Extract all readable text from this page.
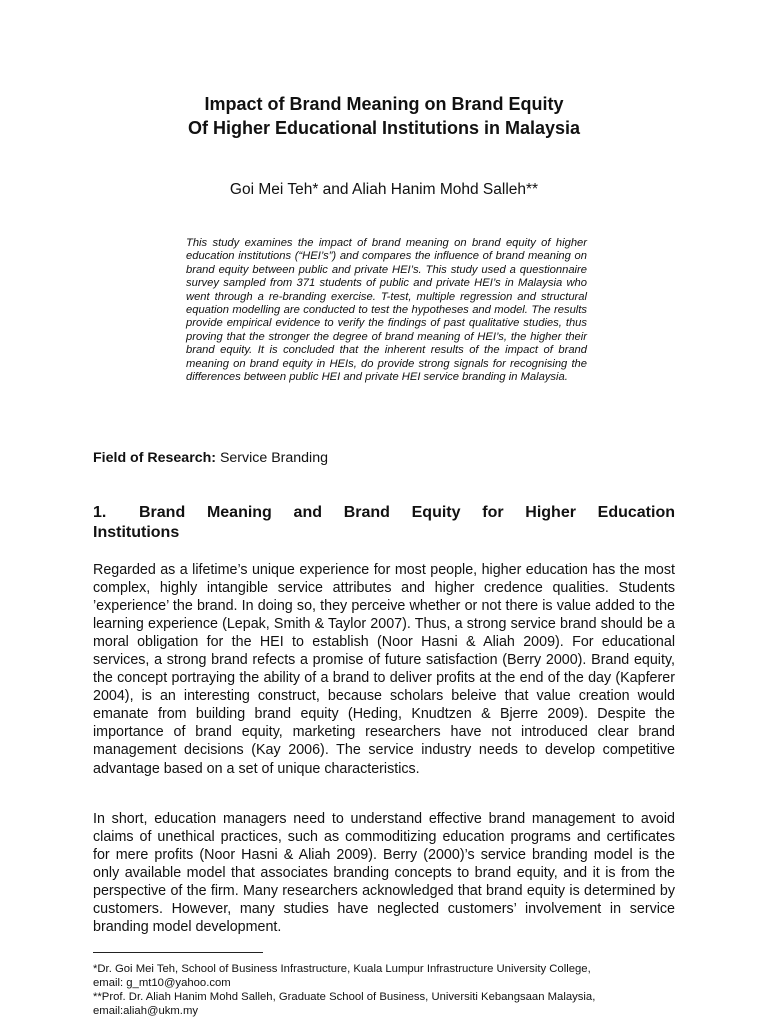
Impact of Brand Meaning on Brand Equity
Of Higher Educational Institutions in Malaysia
Goi Mei Teh* and Aliah Hanim Mohd Salleh**

This study examines the impact of brand meaning on brand equity of higher education institutions (“HEI’s”) and compares the influence of brand meaning on brand equity between public and private HEI’s. This study used a questionnaire survey sampled from 371 students of public and private HEI’s in Malaysia who went through a re-branding exercise. T-test, multiple regression and structural equation modelling are conducted to test the hypotheses and model. The results provide empirical evidence to verify the findings of past qualitative studies, thus proving that the stronger the degree of brand meaning of HEI’s, the higher their brand equity. It is concluded that the inherent results of the impact of brand meaning on brand equity in HEIs, do provide strong signals for recognising the differences between public HEI and private HEI service branding in Malaysia.

Field of Research: Service Branding
1. Brand Meaning and Brand Equity for Higher Education
Institutions

Regarded as a lifetime’s unique experience for most people, higher education has the most complex, highly intangible service attributes and higher credence qualities. Students ’experience’ the brand. In doing so, they perceive whether or not there is value added to the learning experience (Lepak, Smith & Taylor 2007). Thus, a strong service brand should be a moral obligation for the HEI to establish (Noor Hasni & Aliah 2009). For educational services, a strong brand refects a promise of future satisfaction (Berry 2000). Brand equity, the concept portraying the ability of a brand to deliver profits at the end of the day (Kapferer 2004), is an interesting construct, because scholars beleive that value creation would emanate from building brand equity (Heding, Knudtzen & Bjerre 2009). Despite the importance of brand equity, marketing researchers have not introduced clear brand management decisions (Kay 2006). The service industry needs to develop competitive advantage based on a set of unique characteristics.

In short, education managers need to understand effective brand management to avoid claims of unethical practices, such as commoditizing education programs and certificates for mere profits (Noor Hasni & Aliah 2009). Berry (2000)’s service branding model is the only available model that associates branding concepts to brand equity, and it is from the perspective of the firm. Many researchers acknowledged that brand equity is determined by customers. However, many studies have neglected customers’ involvement in service branding model development.

*Dr. Goi Mei Teh, School of Business Infrastructure, Kuala Lumpur Infrastructure University College,

email: g_mt10@yahoo.com

**Prof. Dr. Aliah Hanim Mohd Salleh, Graduate School of Business, Universiti Kebangsaan Malaysia,

email:aliah@ukm.my
